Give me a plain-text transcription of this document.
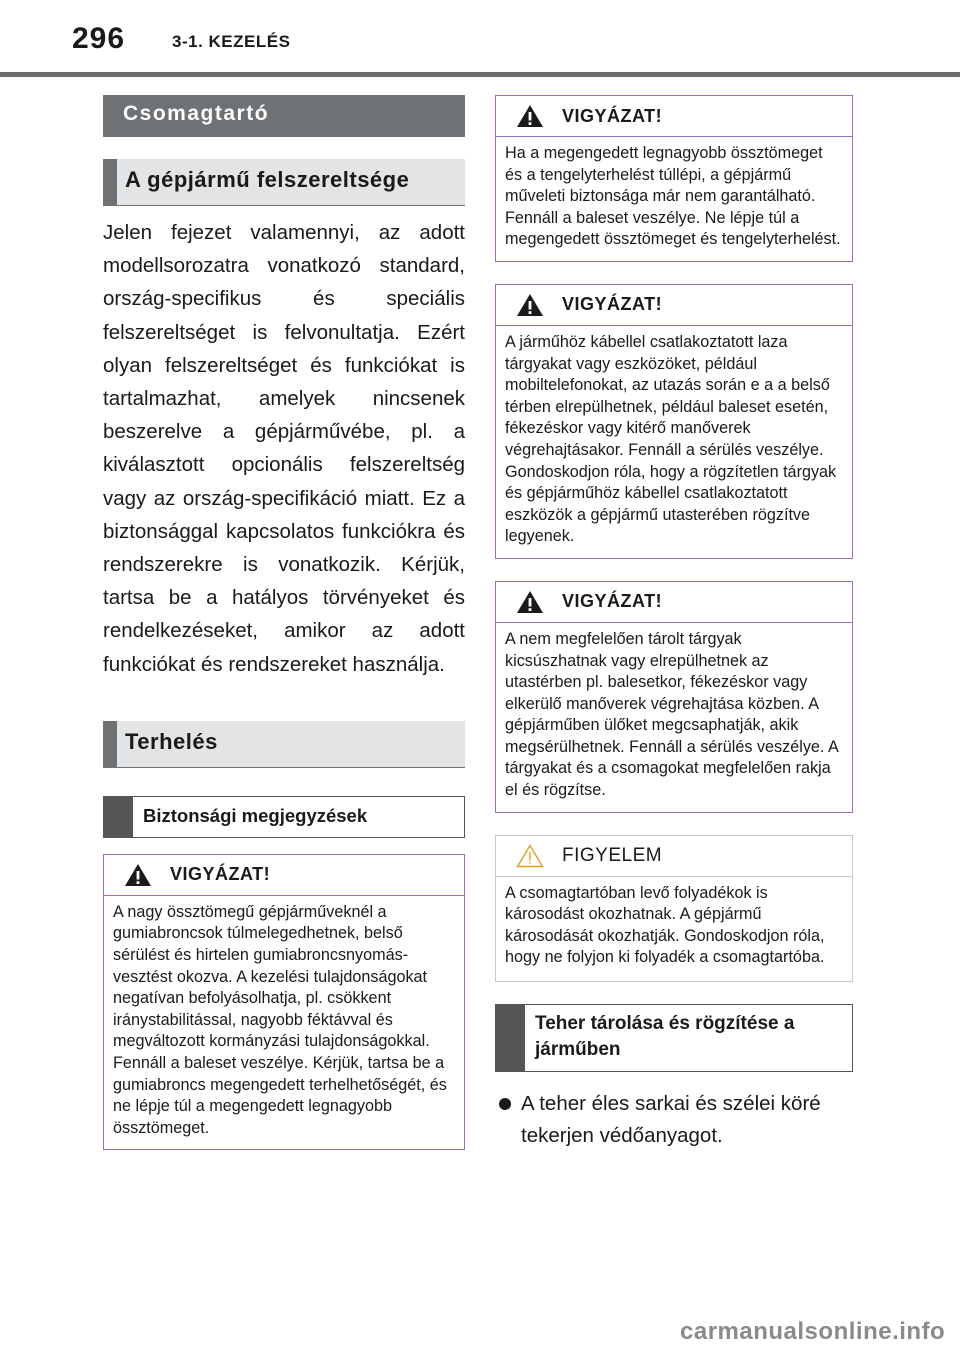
296	3-1. KEZELÉS
Csomagtartó
A gépjármű felszereltsége
Jelen fejezet valamennyi, az adott modellsorozatra vonatkozó standard, ország-specifikus és speciális felszereltséget is felvonultatja. Ezért olyan felszereltséget és funkciókat is tartalmazhat, amelyek nincsenek beszerelve a gépjárművébe, pl. a kiválasztott opcionális felszereltség vagy az ország-specifikáció miatt. Ez a biztonsággal kapcsolatos funkciókra és rendszerekre is vonatkozik. Kérjük, tartsa be a hatályos törvényeket és rendelkezéseket, amikor az adott funkciókat és rendszereket használja.
Terhelés
Biztonsági megjegyzések
VIGYÁZAT!
A nagy össztömegű gépjárműveknél a gumiabroncsok túlmelegedhetnek, belső sérülést és hirtelen gumiabroncsnyomás-vesztést okozva. A kezelési tulajdonságokat negatívan befolyásolhatja, pl. csökkent iránystabilitással, nagyobb féktávval és megváltozott kormányzási tulajdonságokkal. Fennáll a baleset veszélye. Kérjük, tartsa be a gumiabroncs megengedett terhelhetőségét, és ne lépje túl a megengedett legnagyobb össztömeget.
VIGYÁZAT!
Ha a megengedett legnagyobb össztömeget és a tengelyterhelést túllépi, a gépjármű műveleti biztonsága már nem garantálható. Fennáll a baleset veszélye. Ne lépje túl a megengedett össztömeget és tengelyterhelést.
VIGYÁZAT!
A járműhöz kábellel csatlakoztatott laza tárgyakat vagy eszközöket, például mobiltelefonokat, az utazás során e a a belső térben elrepülhetnek, például baleset esetén, fékezéskor vagy kitérő manőverek végrehajtásakor. Fennáll a sérülés veszélye. Gondoskodjon róla, hogy a rögzítetlen tárgyak és gépjárműhöz kábellel csatlakoztatott eszközök a gépjármű utasterében rögzítve legyenek.
VIGYÁZAT!
A nem megfelelően tárolt tárgyak kicsúszhatnak vagy elrepülhetnek az utastérben pl. balesetkor, fékezéskor vagy elkerülő manőverek végrehajtása közben. A gépjárműben ülőket megcsaphatják, akik megsérülhetnek. Fennáll a sérülés veszélye. A tárgyakat és a csomagokat megfelelően rakja el és rögzítse.
FIGYELEM
A csomagtartóban levő folyadékok is károsodást okozhatnak. A gépjármű károsodását okozhatják. Gondoskodjon róla, hogy ne folyjon ki folyadék a csomagtartóba.
Teher tárolása és rögzítése a járműben
A teher éles sarkai és szélei köré tekerjen védőanyagot.
carmanualsonline.info
